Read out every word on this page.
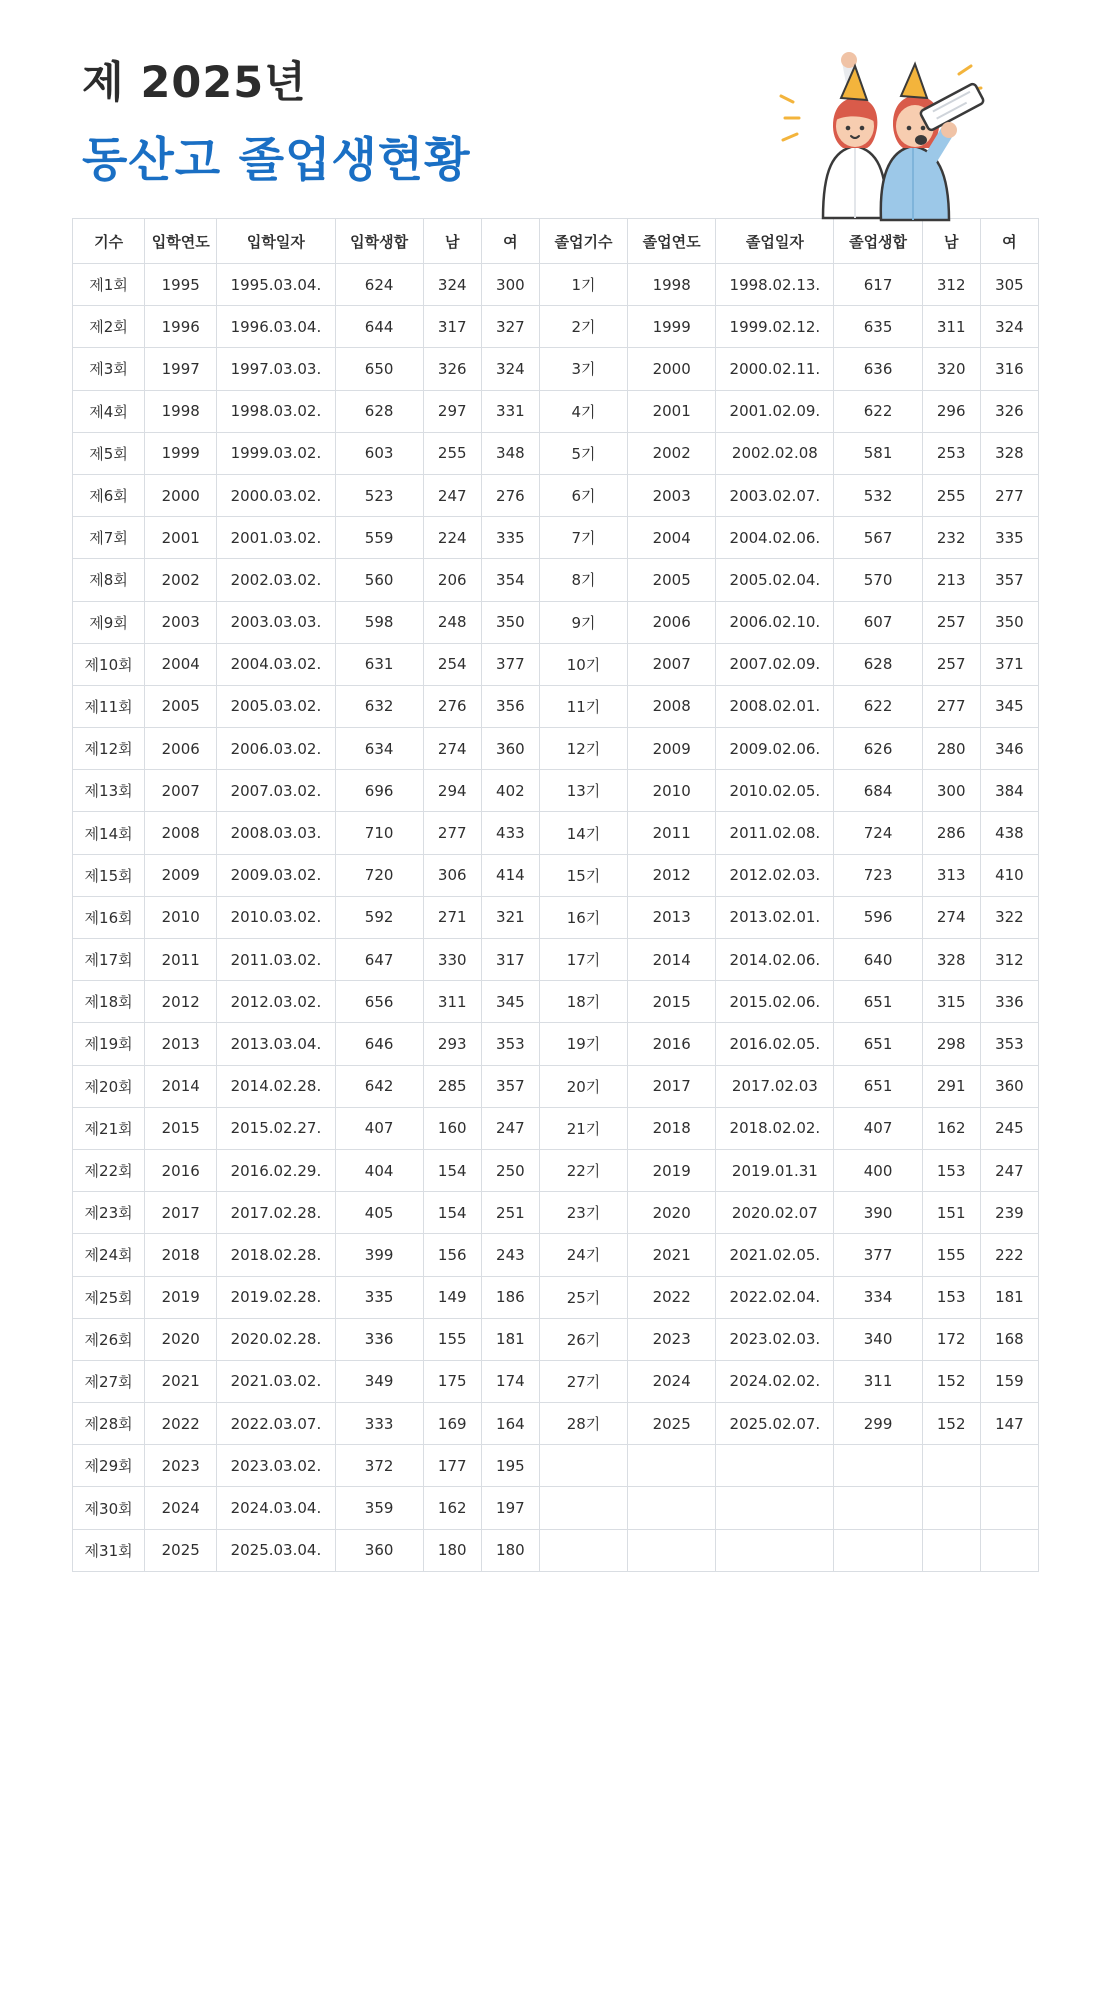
제 2025년
동산고 졸업생현황
기수	입학연도	입학일자	입학생합	남	여	졸업기수	졸업연도	졸업일자	졸업생합	남	여
제1회	1995	1995.03.04.	624	324	300	1기	1998	1998.02.13.	617	312	305
제2회	1996	1996.03.04.	644	317	327	2기	1999	1999.02.12.	635	311	324
제3회	1997	1997.03.03.	650	326	324	3기	2000	2000.02.11.	636	320	316
제4회	1998	1998.03.02.	628	297	331	4기	2001	2001.02.09.	622	296	326
제5회	1999	1999.03.02.	603	255	348	5기	2002	2002.02.08	581	253	328
제6회	2000	2000.03.02.	523	247	276	6기	2003	2003.02.07.	532	255	277
제7회	2001	2001.03.02.	559	224	335	7기	2004	2004.02.06.	567	232	335
제8회	2002	2002.03.02.	560	206	354	8기	2005	2005.02.04.	570	213	357
제9회	2003	2003.03.03.	598	248	350	9기	2006	2006.02.10.	607	257	350
제10회	2004	2004.03.02.	631	254	377	10기	2007	2007.02.09.	628	257	371
제11회	2005	2005.03.02.	632	276	356	11기	2008	2008.02.01.	622	277	345
제12회	2006	2006.03.02.	634	274	360	12기	2009	2009.02.06.	626	280	346
제13회	2007	2007.03.02.	696	294	402	13기	2010	2010.02.05.	684	300	384
제14회	2008	2008.03.03.	710	277	433	14기	2011	2011.02.08.	724	286	438
제15회	2009	2009.03.02.	720	306	414	15기	2012	2012.02.03.	723	313	410
제16회	2010	2010.03.02.	592	271	321	16기	2013	2013.02.01.	596	274	322
제17회	2011	2011.03.02.	647	330	317	17기	2014	2014.02.06.	640	328	312
제18회	2012	2012.03.02.	656	311	345	18기	2015	2015.02.06.	651	315	336
제19회	2013	2013.03.04.	646	293	353	19기	2016	2016.02.05.	651	298	353
제20회	2014	2014.02.28.	642	285	357	20기	2017	2017.02.03	651	291	360
제21회	2015	2015.02.27.	407	160	247	21기	2018	2018.02.02.	407	162	245
제22회	2016	2016.02.29.	404	154	250	22기	2019	2019.01.31	400	153	247
제23회	2017	2017.02.28.	405	154	251	23기	2020	2020.02.07	390	151	239
제24회	2018	2018.02.28.	399	156	243	24기	2021	2021.02.05.	377	155	222
제25회	2019	2019.02.28.	335	149	186	25기	2022	2022.02.04.	334	153	181
제26회	2020	2020.02.28.	336	155	181	26기	2023	2023.02.03.	340	172	168
제27회	2021	2021.03.02.	349	175	174	27기	2024	2024.02.02.	311	152	159
제28회	2022	2022.03.07.	333	169	164	28기	2025	2025.02.07.	299	152	147
제29회	2023	2023.03.02.	372	177	195						
제30회	2024	2024.03.04.	359	162	197						
제31회	2025	2025.03.04.	360	180	180						
